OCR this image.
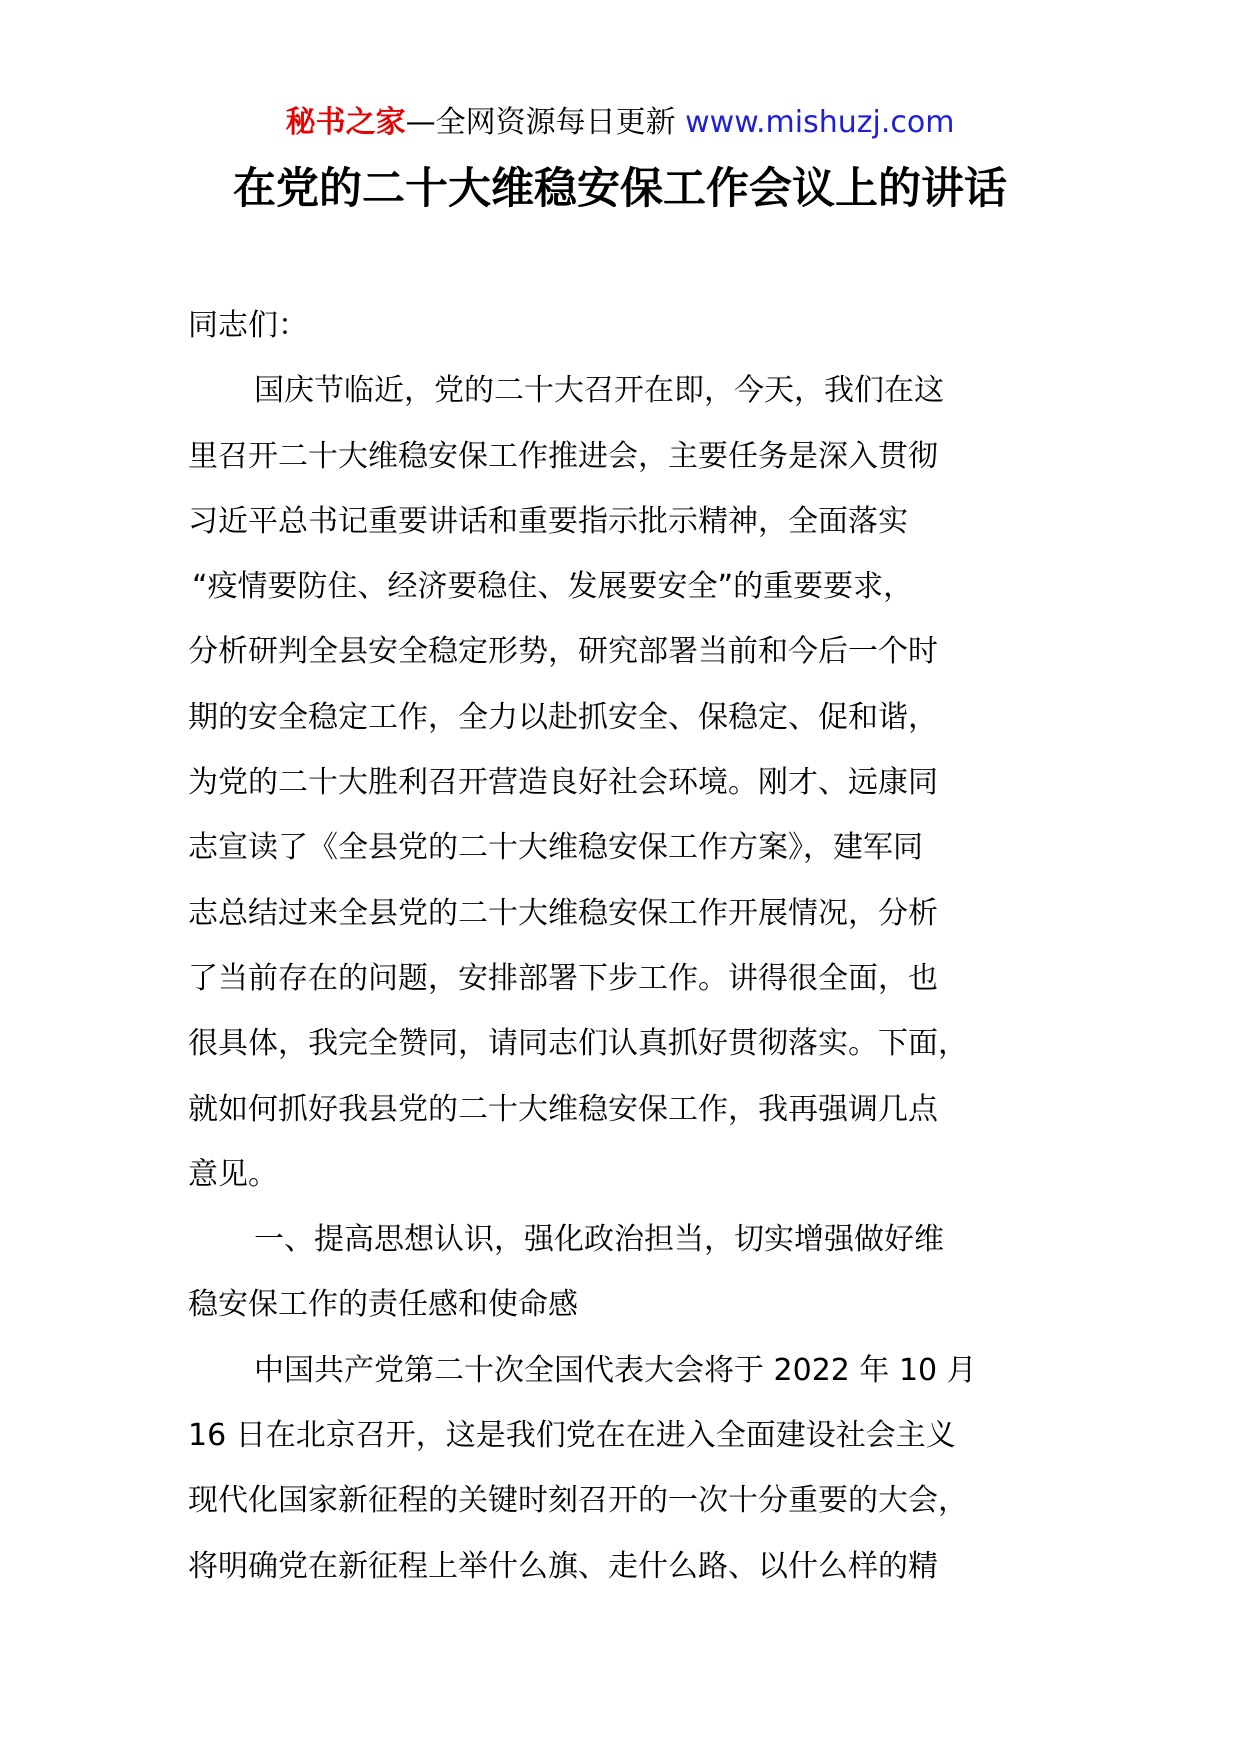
秘书之家—全网资源每日更新 www.mishuzj.com
在党的二十大维稳安保工作会议上的讲话
同志们：
国庆节临近，党的二十大召开在即，今天，我们在这
里召开二十大维稳安保工作推进会，主要任务是深入贯彻
习近平总书记重要讲话和重要指示批示精神，全面落实
“疫情要防住、经济要稳住、发展要安全”的重要要求，
分析研判全县安全稳定形势，研究部署当前和今后一个时
期的安全稳定工作，全力以赴抓安全、保稳定、促和谐，
为党的二十大胜利召开营造良好社会环境。刚才、远康同
志宣读了《全县党的二十大维稳安保工作方案》，建军同
志总结过来全县党的二十大维稳安保工作开展情况，分析
了当前存在的问题，安排部署下步工作。讲得很全面，也
很具体，我完全赞同，请同志们认真抓好贯彻落实。下面，
就如何抓好我县党的二十大维稳安保工作，我再强调几点
意见。
一、提高思想认识，强化政治担当，切实增强做好维
稳安保工作的责任感和使命感
中国共产党第二十次全国代表大会将于 2022 年 10 月
16 日在北京召开，这是我们党在在进入全面建设社会主义
现代化国家新征程的关键时刻召开的一次十分重要的大会，
将明确党在新征程上举什么旗、走什么路、以什么样的精
